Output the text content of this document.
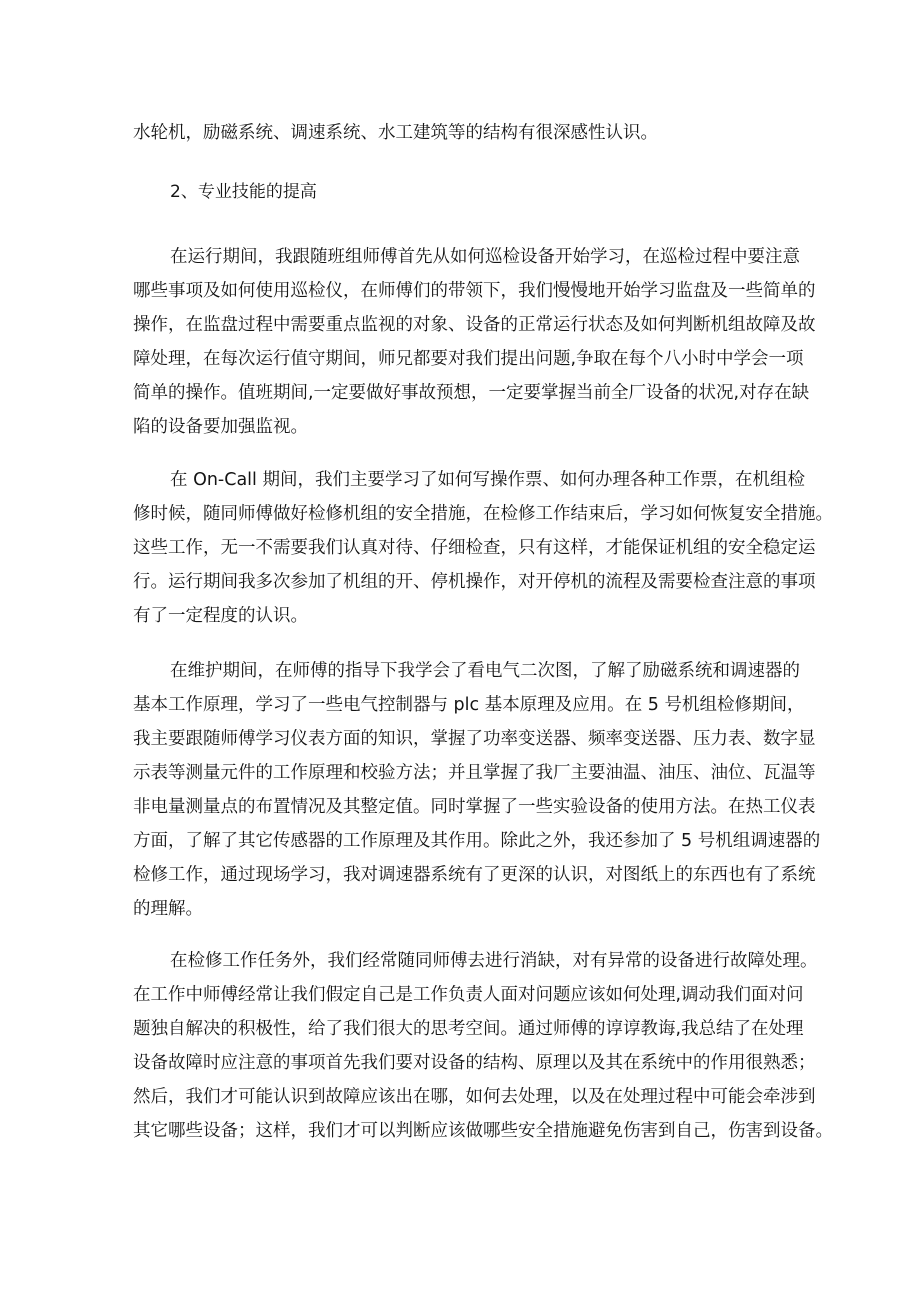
水轮机，励磁系统、调速系统、水工建筑等的结构有很深感性认识。
2、专业技能的提高
在运行期间，我跟随班组师傅首先从如何巡检设备开始学习，在巡检过程中要注意
哪些事项及如何使用巡检仪，在师傅们的带领下，我们慢慢地开始学习监盘及一些简单的
操作，在监盘过程中需要重点监视的对象、设备的正常运行状态及如何判断机组故障及故
障处理，在每次运行值守期间，师兄都要对我们提出问题,争取在每个八小时中学会一项
简单的操作。值班期间,一定要做好事故预想，一定要掌握当前全厂设备的状况,对存在缺
陷的设备要加强监视。
在 On-Call 期间，我们主要学习了如何写操作票、如何办理各种工作票，在机组检
修时候，随同师傅做好检修机组的安全措施，在检修工作结束后，学习如何恢复安全措施。
这些工作，无一不需要我们认真对待、仔细检查，只有这样，才能保证机组的安全稳定运
行。运行期间我多次参加了机组的开、停机操作，对开停机的流程及需要检查注意的事项
有了一定程度的认识。
在维护期间，在师傅的指导下我学会了看电气二次图，了解了励磁系统和调速器的
基本工作原理，学习了一些电气控制器与 plc 基本原理及应用。在 5 号机组检修期间，
我主要跟随师傅学习仪表方面的知识，掌握了功率变送器、频率变送器、压力表、数字显
示表等测量元件的工作原理和校验方法；并且掌握了我厂主要油温、油压、油位、瓦温等
非电量测量点的布置情况及其整定值。同时掌握了一些实验设备的使用方法。在热工仪表
方面，了解了其它传感器的工作原理及其作用。除此之外，我还参加了 5 号机组调速器的
检修工作，通过现场学习，我对调速器系统有了更深的认识，对图纸上的东西也有了系统
的理解。
在检修工作任务外，我们经常随同师傅去进行消缺，对有异常的设备进行故障处理。
在工作中师傅经常让我们假定自己是工作负责人面对问题应该如何处理,调动我们面对问
题独自解决的积极性，给了我们很大的思考空间。通过师傅的谆谆教诲,我总结了在处理
设备故障时应注意的事项首先我们要对设备的结构、原理以及其在系统中的作用很熟悉；
然后，我们才可能认识到故障应该出在哪，如何去处理，以及在处理过程中可能会牵涉到
其它哪些设备；这样，我们才可以判断应该做哪些安全措施避免伤害到自己，伤害到设备。
